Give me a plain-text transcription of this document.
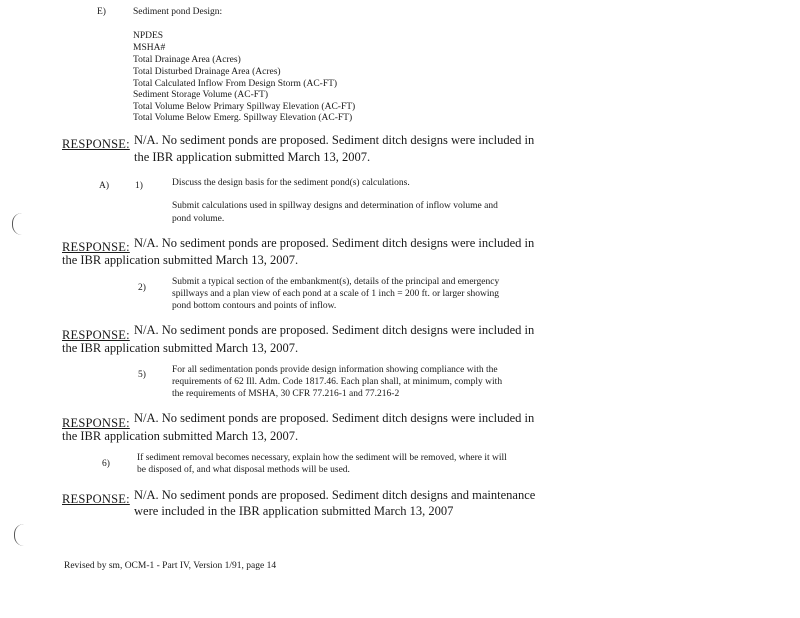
E)	Sediment pond Design:
NPDES
MSHA#
Total Drainage Area (Acres)
Total Disturbed Drainage Area (Acres)
Total Calculated Inflow From Design Storm (AC-FT)
Sediment Storage Volume (AC-FT)
Total Volume Below Primary Spillway Elevation (AC-FT)
Total Volume Below Emerg. Spillway Elevation (AC-FT)
RESPONSE: N/A. No sediment ponds are proposed. Sediment ditch designs were included in
the IBR application submitted March 13, 2007.
A)	1)	Discuss the design basis for the sediment pond(s) calculations.
Submit calculations used in spillway designs and determination of inflow volume and
pond volume.
RESPONSE: N/A. No sediment ponds are proposed. Sediment ditch designs were included in
the IBR application submitted March 13, 2007.
2)
Submit a typical section of the embankment(s), details of the principal and emergency
spillways and a plan view of each pond at a scale of 1 inch = 200 ft. or larger showing
pond bottom contours and points of inflow.
RESPONSE: N/A. No sediment ponds are proposed. Sediment ditch designs were included in
the IBR application submitted March 13, 2007.
5)	For all sedimentation ponds provide design information showing compliance with the
requirements of 62 Ill. Adm. Code 1817.46. Each plan shall, at minimum, comply with
the requirements of MSHA, 30 CFR 77.216-1 and 77.216-2
RESPONSE: N/A. No sediment ponds are proposed. Sediment ditch designs were included in
the IBR application submitted March 13, 2007.
6)
If sediment removal becomes necessary, explain how the sediment will be removed, where it will
be disposed of, and what disposal methods will be used.
RESPONSE: N/A. No sediment ponds are proposed. Sediment ditch designs and maintenance
were included in the IBR application submitted March 13, 2007
Revised by sm, OCM-1 - Part IV, Version 1/91, page 14
